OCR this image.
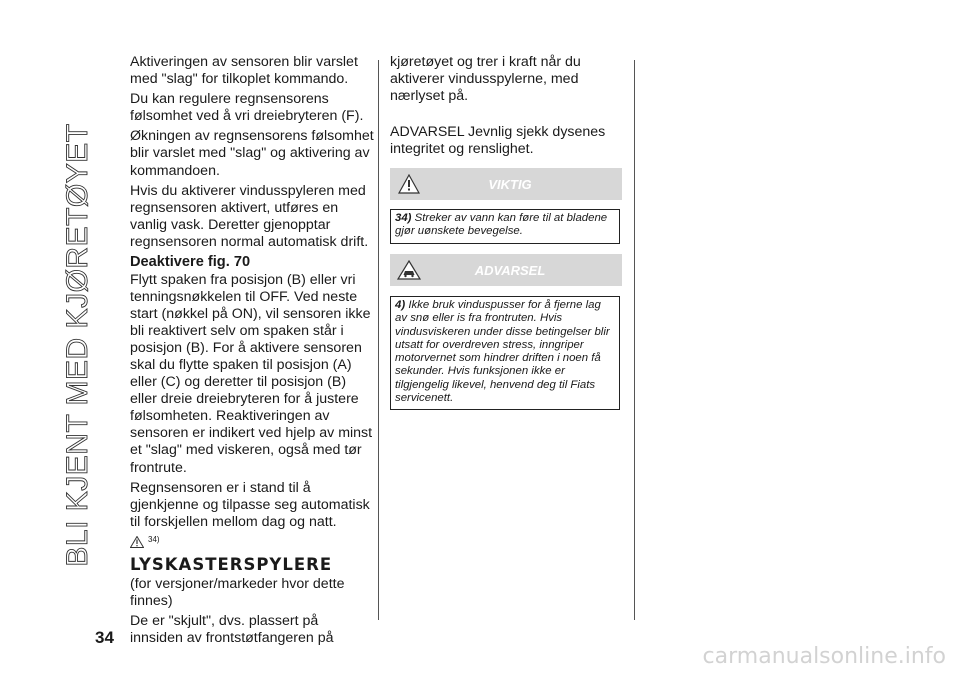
BLI KJENT MED KJØRETØYET

Aktiveringen av sensoren blir varslet med "slag" for tilkoplet kommando.

Du kan regulere regnsensorens følsomhet ved å vri dreiebryteren (F).

Økningen av regnsensorens følsomhet blir varslet med "slag" og aktivering av kommandoen.

Hvis du aktiverer vindusspyleren med regnsensoren aktivert, utføres en vanlig vask. Deretter gjenopptar regnsensoren normal automatisk drift.

Deaktivere fig. 70

Flytt spaken fra posisjon (B) eller vri tenningsnøkkelen til OFF. Ved neste start (nøkkel på ON), vil sensoren ikke bli reaktivert selv om spaken står i posisjon (B). For å aktivere sensoren skal du flytte spaken til posisjon (A) eller (C) og deretter til posisjon (B) eller dreie dreiebryteren for å justere følsomheten. Reaktiveringen av sensoren er indikert ved hjelp av minst et "slag" med viskeren, også med tør frontrute.

Regnsensoren er i stand til å gjenkjenne og tilpasse seg automatisk til forskjellen mellom dag og natt.

34)
LYSKASTERSPYLERE

(for versjoner/markeder hvor dette finnes)

De er "skjult", dvs. plassert på innsiden av frontstøtfangeren på

kjøretøyet og trer i kraft når du aktiverer vindusspylerne, med nærlyset på.

ADVARSEL Jevnlig sjekk dysenes integritet og renslighet.

VIKTIG
34) Streker av vann kan føre til at bladene gjør uønskete bevegelse.
ADVARSEL
4) Ikke bruk vinduspusser for å fjerne lag av snø eller is fra frontruten. Hvis vindusviskeren under disse betingelser blir utsatt for overdreven stress, inngriper motorvernet som hindrer driften i noen få sekunder. Hvis funksjonen ikke er tilgjengelig likevel, henvend deg til Fiats servicenett.
34
carmanualsonline.info
